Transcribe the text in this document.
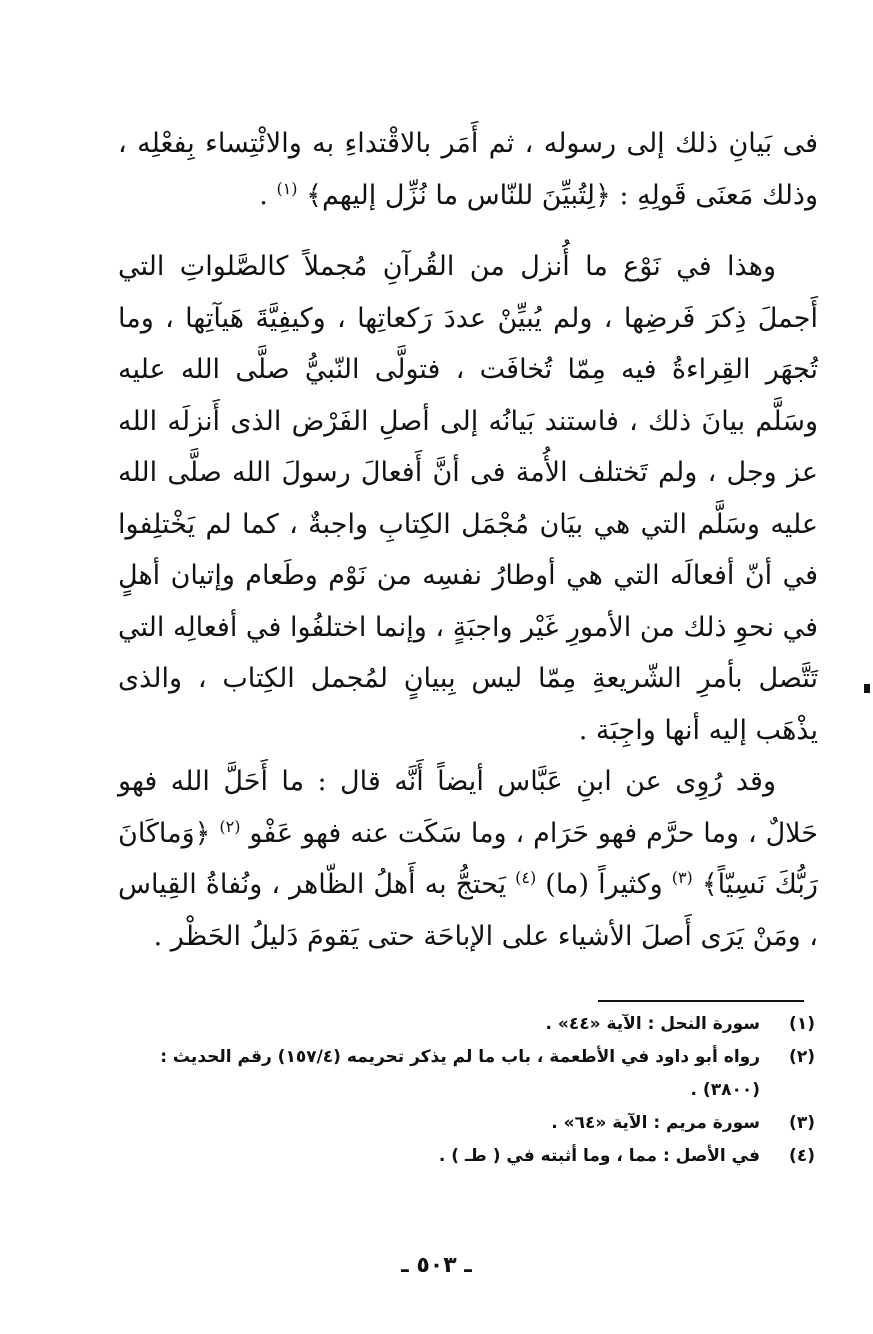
فى بَيانِ ذلك إلى رسوله ، ثم أَمَر بالاقْتداءِ به والائْتِساء بِفعْلِه ، وذلك مَعنَى قَولِهِ : ﴿لِتُبيِّنَ للنّاس ما نُزِّل إليهم﴾ $^{(١)}$ .

وهذا في نَوْع ما أُنزل من القُرآنِ مُجملاً كالصَّلواتِ التي أَجملَ ذِكرَ فَرضِها ، ولم يُبيِّنْ عددَ رَكعاتِها ، وكيفِيَّةَ هَيآتِها ، وما تُجهَر القِراءةُ فيه مِمّا تُخافَت ، فتولَّى النّبيُّ صلَّى الله عليه وسَلَّم بيانَ ذلك ، فاستند بَيانُه إلى أصلِ الفَرْض الذى أَنزلَه الله عز وجل ، ولم تَختلف الأُمة فى أنَّ أَفعالَ رسولَ الله صلَّى الله عليه وسَلَّم التي هي بيَان مُجْمَل الكِتابِ واجبةٌ ، كما لم يَخْتلِفوا في أنّ أفعالَه التي هي أوطارُ نفسِه من نَوْم وطَعام وإتيان أهلٍ في نحوِ ذلك من الأمورِ غَيْر واجبَةٍ ، وإنما اختلفُوا في أفعالِه التي تَتَّصل بأمرِ الشّريعةِ مِمّا ليس بِبيانٍ لمُجمل الكِتاب ، والذى يذْهَب إليه أنها واجِبَة .

وقد رُوِى عن ابنِ عَبَّاس أيضاً أَنَّه قال : ما أَحَلَّ الله فهو حَلالٌ ، وما حرَّم فهو حَرَام ، وما سَكَت عنه فهو عَفْو $^{(٢)}$ ﴿وَماكَانَ رَبُّكَ نَسِيّاً﴾ $^{(٣)}$ وكثيراً (ما) $^{(٤)}$ يَحتجُّ به أَهلُ الظّاهر ، ونُفاةُ القِياس ، ومَنْ يَرَى أَصلَ الأشياء على الإباحَة حتى يَقومَ دَليلُ الحَظْر .

(١)
سورة النحل : الآية «٤٤» .
(٢)
رواه أبو داود في الأطعمة ، باب ما لم يذكر تحريمه (١٥٧/٤) رقم الحديث : (٣٨٠٠) .
(٣)
سورة مريم : الآية «٦٤» .
(٤)
في الأصل : مما ، وما أثبته في ( طـ ) .
ـ ٥٠٣ ـ
